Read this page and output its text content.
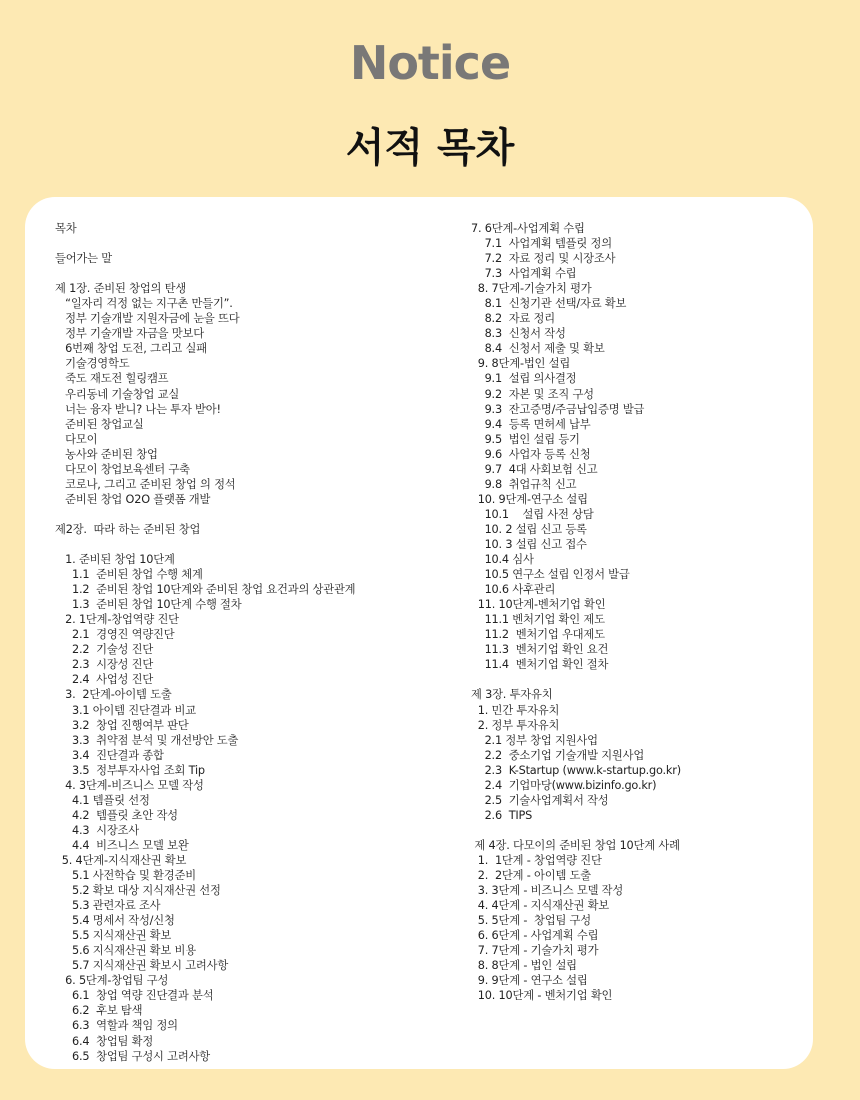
Notice
서적 목차
목차
들어가는 말
제 1장. 준비된 창업의 탄생
“일자리 걱정 없는 지구촌 만들기”.
정부 기술개발 지원자금에 눈을 뜨다
정부 기술개발 자금을 맛보다
6번째 창업 도전, 그리고 실패
기술경영학도
죽도 재도전 힐링캠프
우리동네 기술창업 교실
너는 융자 받니? 나는 투자 받아!
준비된 창업교실
다모이
농사와 준비된 창업
다모이 창업보육센터 구축
코로나, 그리고 준비된 창업 의 정석
준비된 창업 O2O 플랫폼 개발
제2장.  따라 하는 준비된 창업
1. 준비된 창업 10단계
1.1  준비된 창업 수행 체계
1.2  준비된 창업 10단계와 준비된 창업 요건과의 상관관계
1.3  준비된 창업 10단계 수행 절차
2. 1단계-창업역량 진단
2.1  경영진 역량진단
2.2  기술성 진단
2.3  시장성 진단
2.4  사업성 진단
3.  2단계-아이템 도출
3.1 아이템 진단결과 비교
3.2  창업 진행여부 판단
3.3  취약점 분석 및 개선방안 도출
3.4  진단결과 종합
3.5  정부투자사업 조회 Tip
4. 3단계-비즈니스 모델 작성
4.1 템플릿 선정
4.2  템플릿 초안 작성
4.3  시장조사
4.4  비즈니스 모델 보완
5. 4단계-지식재산권 확보
5.1 사전학습 및 환경준비
5.2 확보 대상 지식재산권 선정
5.3 관련자료 조사
5.4 명세서 작성/신청
5.5 지식재산권 확보
5.6 지식재산권 확보 비용
5.7 지식재산권 확보시 고려사항
6. 5단계-창업팀 구성
6.1  창업 역량 진단결과 분석
6.2  후보 탐색
6.3  역할과 책임 정의
6.4  창업팀 확정
6.5  창업팀 구성시 고려사항
7. 6단계-사업계획 수립
7.1  사업계획 템플릿 정의
7.2  자료 정리 및 시장조사
7.3  사업계획 수립
8. 7단계-기술가치 평가
8.1  신청기관 선택/자료 확보
8.2  자료 정리
8.3  신청서 작성
8.4  신청서 제출 및 확보
9. 8단계-법인 설립
9.1  설립 의사결정
9.2  자본 및 조직 구성
9.3  잔고증명/주금납입증명 발급
9.4  등록 면허세 납부
9.5  법인 설립 등기
9.6  사업자 등록 신청
9.7  4대 사회보험 신고
9.8  취업규칙 신고
10. 9단계-연구소 설립
10.1    설립 사전 상담
10. 2 설립 신고 등록
10. 3 설립 신고 접수
10.4 심사
10.5 연구소 설립 인정서 발급
10.6 사후관리
11. 10단계-벤처기업 확인
11.1 벤처기업 확인 제도
11.2  벤처기업 우대제도
11.3  벤처기업 확인 요건
11.4  벤처기업 확인 절차
제 3장. 투자유치
1. 민간 투자유치
2. 정부 투자유치
2.1 정부 창업 지원사업
2.2  중소기업 기술개발 지원사업
2.3  K-Startup (www.k-startup.go.kr)
2.4  기업마당(www.bizinfo.go.kr)
2.5  기술사업계획서 작성
2.6  TIPS
제 4장. 다모이의 준비된 창업 10단계 사례
1.  1단계 - 창업역량 진단
2.  2단계 - 아이템 도출
3. 3단계 - 비즈니스 모델 작성
4. 4단계 - 지식재산권 확보
5. 5단계 -  창업팀 구성
6. 6단계 - 사업계획 수립
7. 7단계 - 기술가치 평가
8. 8단계 - 법인 설립
9. 9단계 - 연구소 설립
10. 10단계 - 벤처기업 확인
